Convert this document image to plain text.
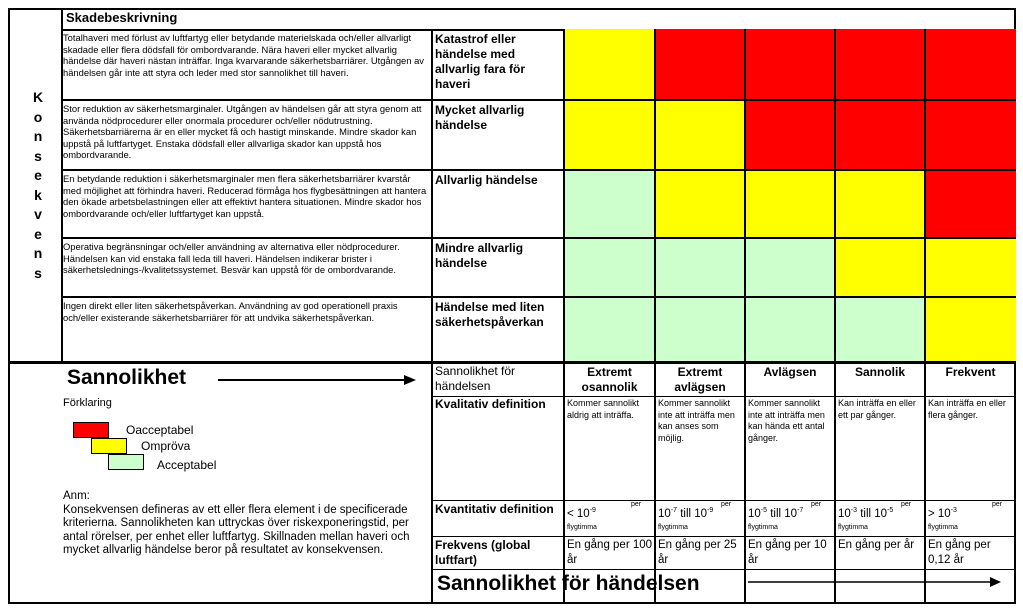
K
o
n
s
e
k
v
e
n
s
Skadebeskrivning
Totalhaveri med förlust av luftfartyg eller betydande materielskada och/eller allvarligt skadade eller flera dödsfall för ombordvarande. Nära haveri eller mycket allvarlig händelse där haveri nästan inträffar. Inga kvarvarande säkerhetsbarriärer. Utgången av händelsen går inte att styra och leder med stor sannolikhet till haveri.
Katastrof eller händelse med allvarlig fara för haveri
Stor reduktion av säkerhetsmarginaler. Utgången av händelsen går att styra genom att använda nödprocedurer eller onormala procedurer och/eller nödutrustning. Säkerhetsbarriärerna är en eller mycket få och hastigt minskande. Mindre skador kan uppstå på luftfartyget. Enstaka dödsfall eller allvarliga skador kan uppstå hos ombordvarande.
Mycket allvarlig händelse
En betydande reduktion i säkerhetsmarginaler men flera säkerhetsbarriärer kvarstår med möjlighet att förhindra haveri. Reducerad förmåga hos flygbesättningen att hantera den ökade arbetsbelastningen eller att effektivt hantera situationen. Mindre skador hos ombordvarande och/eller luftfartyget kan uppstå.
Allvarlig händelse
Operativa begränsningar och/eller användning av alternativa eller nödprocedurer. Händelsen kan vid enstaka fall leda till haveri. Händelsen indikerar brister i säkerhetslednings-/kvalitetssystemet. Besvär kan uppstå för de ombordvarande.
Mindre allvarlig händelse
Ingen direkt eller liten säkerhetspåverkan. Användning av god operationell praxis och/eller existerande säkerhetsbarriärer för att undvika säkerhetspåverkan.
Händelse med liten säkerhetspåverkan
Sannolikhet
Förklaring
Oacceptabel
Ompröva
Acceptabel
Anm:
Konsekvensen defineras av ett eller flera element i de specificerade kriterierna. Sannolikheten kan uttryckas över riskexponeringstid, per antal rörelser, per enhet eller luftfartyg. Skillnaden mellan haveri och mycket allvarlig händelse beror på resultatet av konsekvensen.
Sannolikhet för händelsen
Kvalitativ definition
Kvantitativ definition
Frekvens (global luftfart)
Extremt osannolik
Kommer sannolikt aldrig att inträffa.
< $10^{-9}$
flygtimma
per
En gång per 100 år
Extremt avlägsen
Kommer sannolikt inte att inträffa men kan anses som möjlig.
$10^{-7}$ till $10^{-9}$
flygtimma
per
En gång per 25 år
Avlägsen
Kommer sannolikt inte att inträffa men kan hända ett antal gånger.
$10^{-5}$ till $10^{-7}$
flygtimma
per
En gång per 10 år
Sannolik
Kan inträffa en eller ett par gånger.
$10^{-3}$ till $10^{-5}$
flygtimma
per
En gång per år
Frekvent
Kan inträffa en eller flera gånger.
> $10^{-3}$
flygtimma
per
En gång per 0,12 år
Sannolikhet för händelsen
